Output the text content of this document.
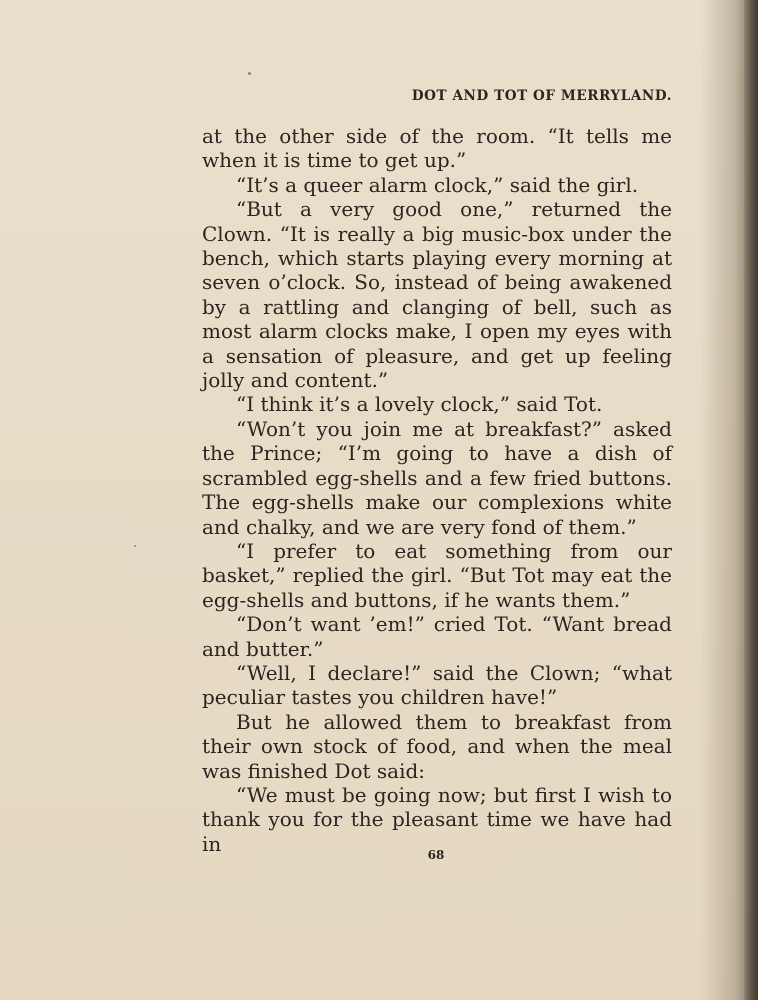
DOT AND TOT OF MERRYLAND.

at the other side of the room. “It tells me when it is time to get up.”

“It’s a queer alarm clock,” said the girl.

“But a very good one,” returned the Clown. “It is really a big music-box under the bench, which starts playing every morning at seven o’clock. So, instead of being awakened by a rattling and clanging of bell, such as most alarm clocks make, I open my eyes with a sensation of pleasure, and get up feeling jolly and content.”

“I think it’s a lovely clock,” said Tot.

“Won’t you join me at breakfast?” asked the Prince; “I’m going to have a dish of scrambled egg-shells and a few fried buttons. The egg-shells make our complexions white and chalky, and we are very fond of them.”

“I prefer to eat something from our basket,” replied the girl. “But Tot may eat the egg-shells and buttons, if he wants them.”

“Don’t want ’em!” cried Tot. “Want bread and butter.”

“Well, I declare!” said the Clown; “what peculiar tastes you children have!”

But he allowed them to breakfast from their own stock of food, and when the meal was finished Dot said:

“We must be going now; but first I wish to thank you for the pleasant time we have had in	68
